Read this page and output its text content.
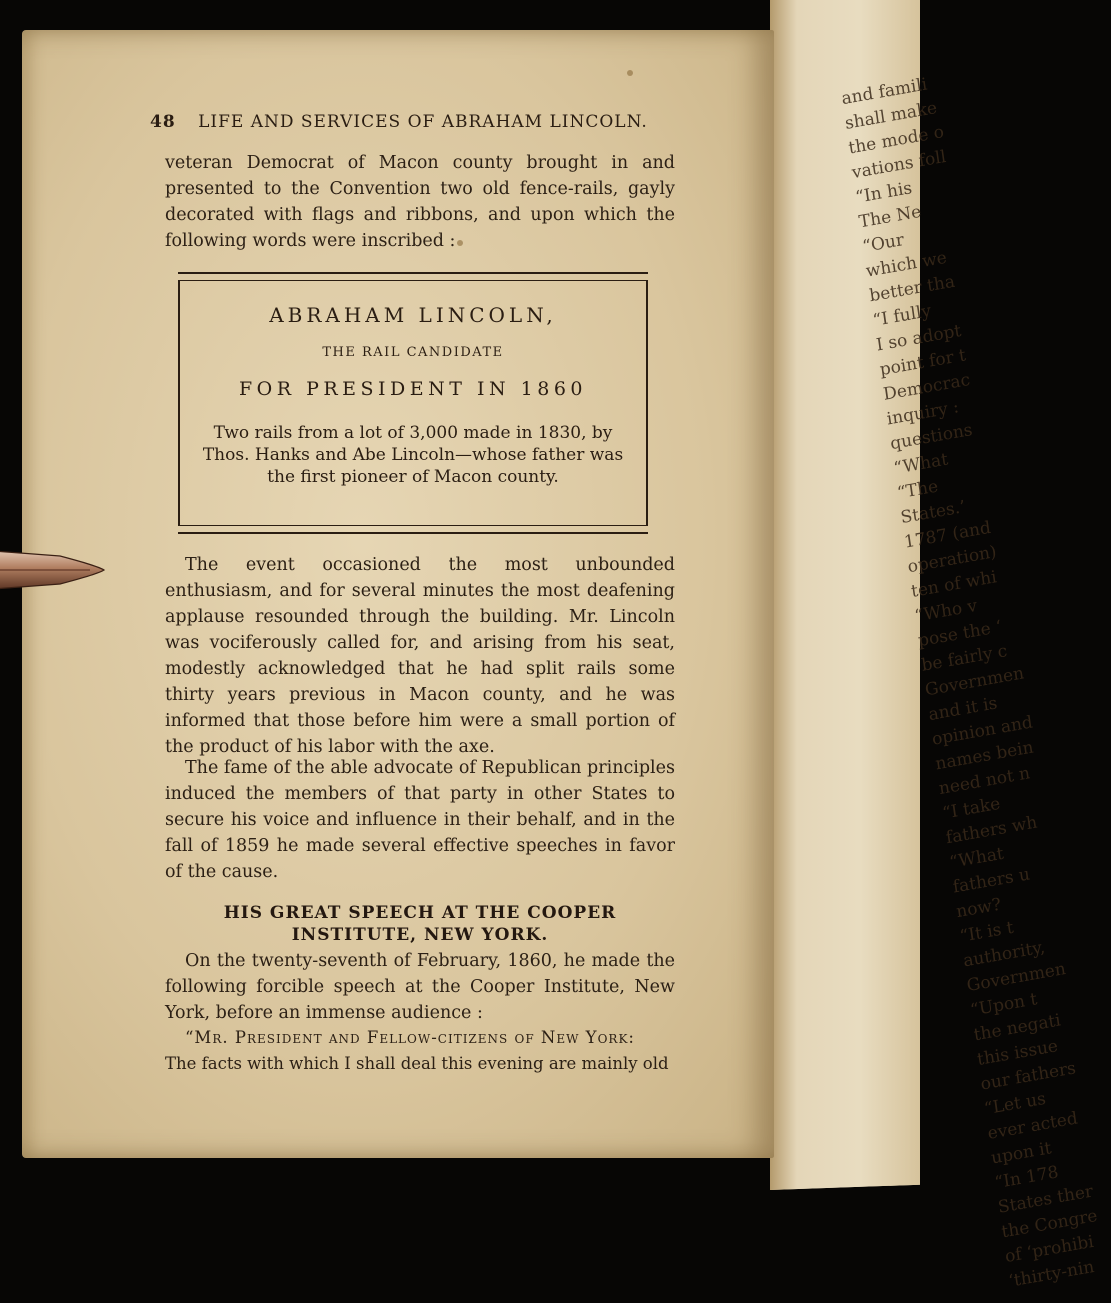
and famili
shall make
the mode o
vations foll
“In his
The Ne
“Our
which we
better tha
“I fully
I so adopt
point for t
Democrac
inquiry :
questions
“What
“The
States.’
1787 (and
operation)
ten of whi
“Who v
pose the ‘
be fairly c
Governmen
and it is
opinion and
names bein
need not n
“I take
fathers wh
“What
fathers u
now?
“It is t
authority,
Governmen
“Upon t
the negati
this issue
our fathers
“Let us
ever acted
upon it
“In 178
States ther
the Congre
of ‘prohibi
‘thirty-nin
48 LIFE AND SERVICES OF ABRAHAM LINCOLN.
veteran Democrat of Macon county brought in and presented to the Convention two old fence-rails, gayly decorated with flags and ribbons, and upon which the following words were inscribed :
ABRAHAM LINCOLN,
THE RAIL CANDIDATE
FOR PRESIDENT IN 1860
Two rails from a lot of 3,000 made in 1830, by Thos. Hanks and Abe Lincoln—whose father was the first pioneer of Macon county.
The event occasioned the most unbounded enthusiasm, and for several minutes the most deafening applause resounded through the building. Mr. Lincoln was vociferously called for, and arising from his seat, modestly acknowledged that he had split rails some thirty years previous in Macon county, and he was informed that those before him were a small portion of the product of his labor with the axe.
The fame of the able advocate of Republican principles induced the members of that party in other States to secure his voice and influence in their behalf, and in the fall of 1859 he made several effective speeches in favor of the cause.
HIS GREAT SPEECH AT THE COOPER INSTITUTE, NEW YORK.
On the twenty-seventh of February, 1860, he made the following forcible speech at the Cooper Institute, New York, before an immense audience :
“Mr. President and Fellow-citizens of New York:
The facts with which I shall deal this evening are mainly old
